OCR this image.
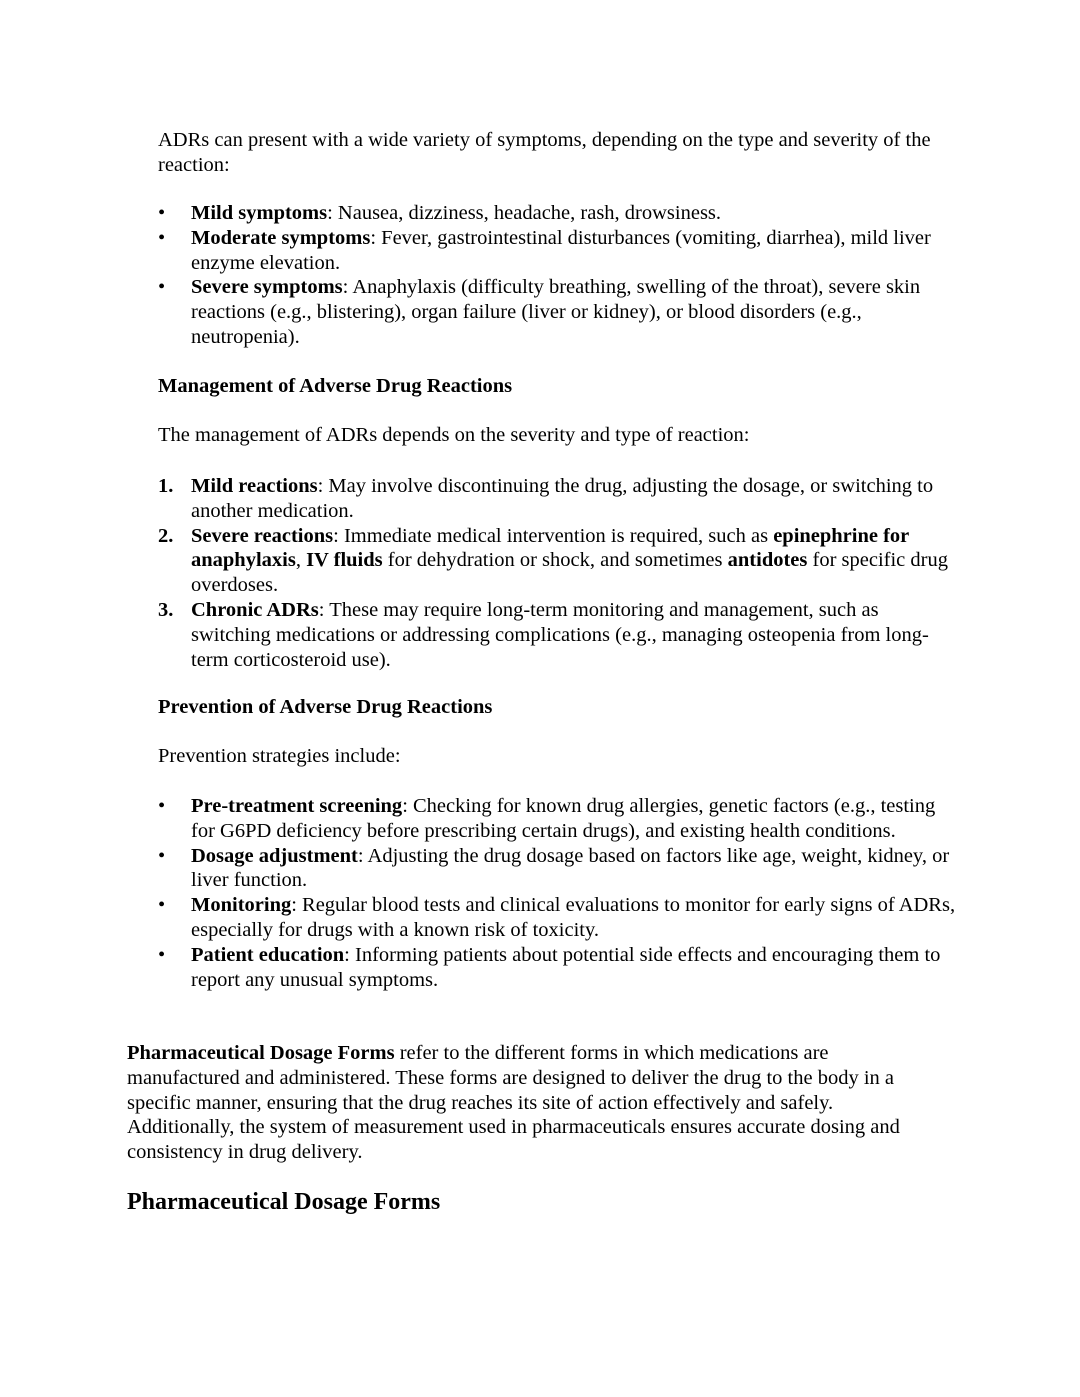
ADRs can present with a wide variety of symptoms, depending on the type and severity of the reaction:

•	Mild symptoms: Nausea, dizziness, headache, rash, drowsiness.
•	Moderate symptoms: Fever, gastrointestinal disturbances (vomiting, diarrhea), mild liver enzyme elevation.
•	Severe symptoms: Anaphylaxis (difficulty breathing, swelling of the throat), severe skin reactions (e.g., blistering), organ failure (liver or kidney), or blood disorders (e.g., neutropenia).

Management of Adverse Drug Reactions

The management of ADRs depends on the severity and type of reaction:

1. Mild reactions: May involve discontinuing the drug, adjusting the dosage, or switching to another medication.
2. Severe reactions: Immediate medical intervention is required, such as epinephrine for anaphylaxis, IV fluids for dehydration or shock, and sometimes antidotes for specific drug overdoses.
3. Chronic ADRs: These may require long-term monitoring and management, such as switching medications or addressing complications (e.g., managing osteopenia from long-term corticosteroid use).

Prevention of Adverse Drug Reactions

Prevention strategies include:

•	Pre-treatment screening: Checking for known drug allergies, genetic factors (e.g., testing for G6PD deficiency before prescribing certain drugs), and existing health conditions.
•	Dosage adjustment: Adjusting the drug dosage based on factors like age, weight, kidney, or liver function.
•	Monitoring: Regular blood tests and clinical evaluations to monitor for early signs of ADRs, especially for drugs with a known risk of toxicity.
•	Patient education: Informing patients about potential side effects and encouraging them to report any unusual symptoms.

Pharmaceutical Dosage Forms refer to the different forms in which medications are manufactured and administered. These forms are designed to deliver the drug to the body in a specific manner, ensuring that the drug reaches its site of action effectively and safely. Additionally, the system of measurement used in pharmaceuticals ensures accurate dosing and consistency in drug delivery.

Pharmaceutical Dosage Forms
